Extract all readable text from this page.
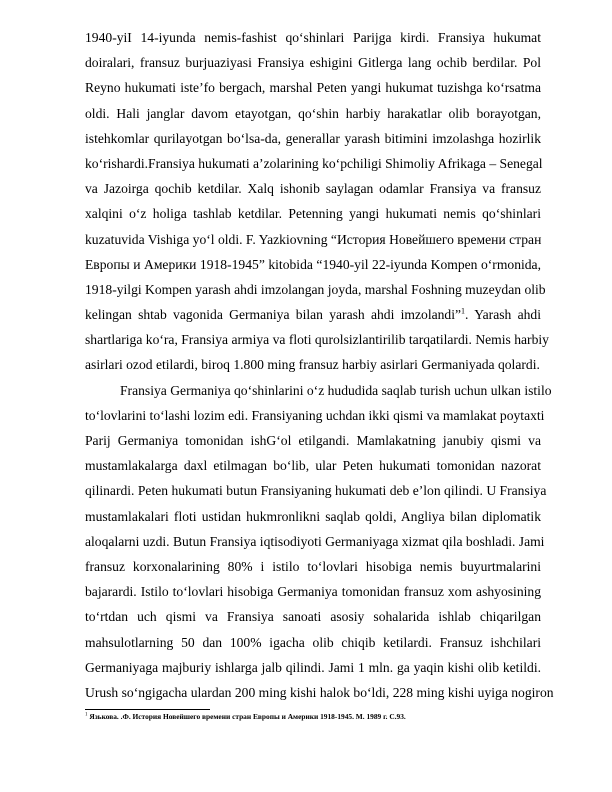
1940-yiI 14-iyunda nemis-fashist qo‘shinlari Parijga kirdi. Fransiya hukumat
doiralari, fransuz burjuaziyasi Fransiya eshigini Gitlerga lang ochib berdilar. Pol
Reyno hukumati iste’fo bergach, marshal Peten yangi hukumat tuzishga ko‘rsatma
oldi. Hali janglar davom etayotgan, qo‘shin harbiy harakatlar olib borayotgan,
istehkomlar qurilayotgan bo‘lsa-da, generallar yarash bitimini imzolashga hozirlik
ko‘rishardi.Fransiya hukumati a’zolarining ko‘pchiligi Shimoliy Afrikaga – Senegal
va Jazoirga qochib ketdilar. Xalq ishonib saylagan odamlar Fransiya va fransuz
xalqini o‘z holiga tashlab ketdilar. Petenning yangi hukumati nemis qo‘shinlari
kuzatuvida Vishiga yo‘l oldi. F. Yazkiovning “История Новейшего времени стран
Европы и Америки 1918-1945” kitobida “1940-yil 22-iyunda Kompen o‘rmonida,
1918-yilgi Kompen yarash ahdi imzolangan joyda, marshal Foshning muzeydan olib
kelingan shtab vagonida Germaniya bilan yarash ahdi imzolandi”$^1$. Yarash ahdi
shartlariga ko‘ra, Fransiya armiya va floti qurolsizlantirilib tarqatilardi. Nemis harbiy
asirlari ozod etilardi, biroq 1.800 ming fransuz harbiy asirlari Germaniyada qolardi.
Fransiya Germaniya qo‘shinlarini o‘z hududida saqlab turish uchun ulkan istilo
to‘lovlarini to‘lashi lozim edi. Fransiyaning uchdan ikki qismi va mamlakat poytaxti
Parij Germaniya tomonidan ishG‘ol etilgandi. Mamlakatning janubiy qismi va
mustamlakalarga daxl etilmagan bo‘lib, ular Peten hukumati tomonidan nazorat
qilinardi. Peten hukumati butun Fransiyaning hukumati deb e’lon qilindi. U Fransiya
mustamlakalari floti ustidan hukmronlikni saqlab qoldi, Angliya bilan diplomatik
aloqalarni uzdi. Butun Fransiya iqtisodiyoti Germaniyaga xizmat qila boshladi. Jami
fransuz korxonalarining 80% i istilo to‘lovlari hisobiga nemis buyurtmalarini
bajarardi. Istilo to‘lovlari hisobiga Germaniya tomonidan fransuz xom ashyosining
to‘rtdan uch qismi va Fransiya sanoati asosiy sohalarida ishlab chiqarilgan
mahsulotlarning 50 dan 100% igacha olib chiqib ketilardi. Fransuz ishchilari
Germaniyaga majburiy ishlarga jalb qilindi. Jami 1 mln. ga yaqin kishi olib ketildi.
Urush so‘ngigacha ulardan 200 ming kishi halok bo‘ldi, 228 ming kishi uyiga nogiron
$^1$ Язькова. .Ф. История Новейшего времени стран Европы и Америки 1918-1945. М. 1989 г. С.93.
